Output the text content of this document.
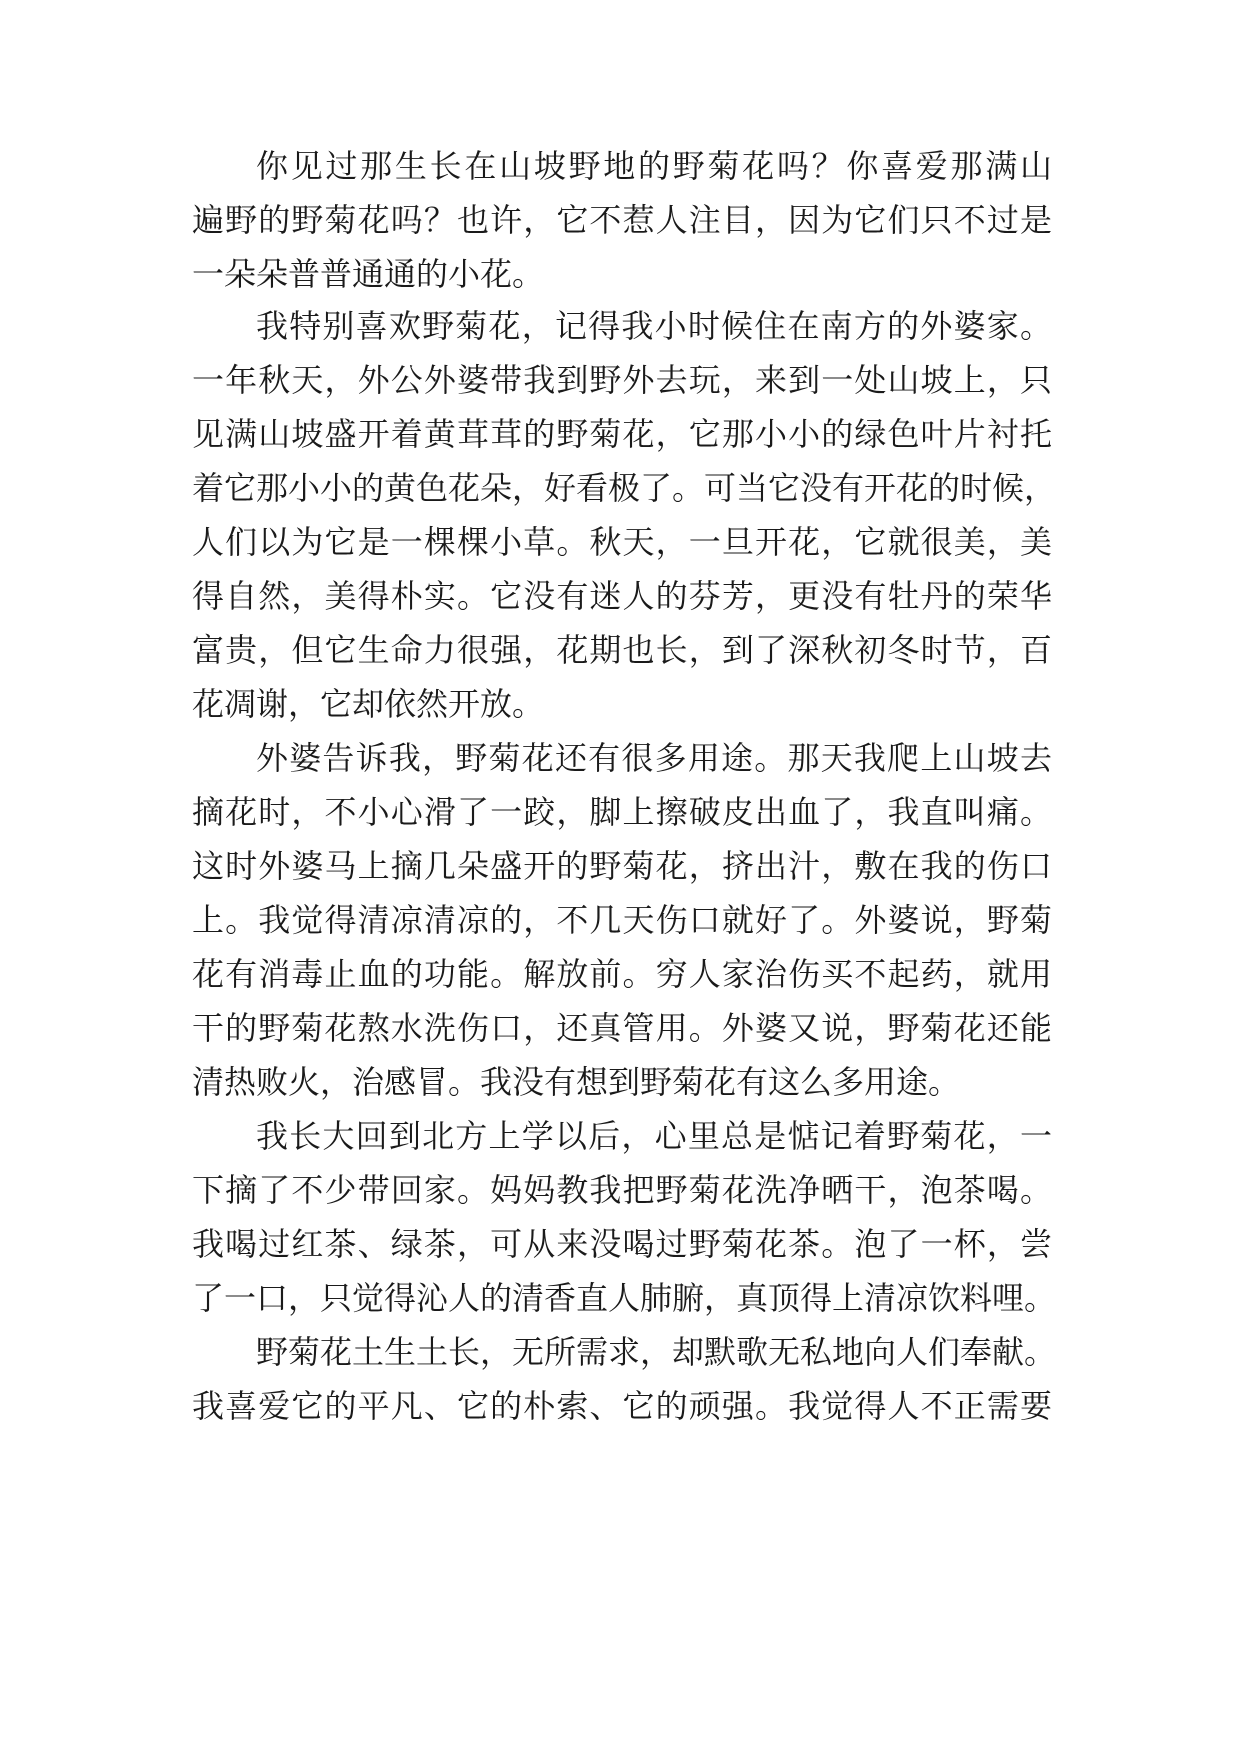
你见过那生长在山坡野地的野菊花吗？你喜爱那满山
遍野的野菊花吗？也许，它不惹人注目，因为它们只不过是
一朵朵普普通通的小花。
我特别喜欢野菊花，记得我小时候住在南方的外婆家。
一年秋天，外公外婆带我到野外去玩，来到一处山坡上，只
见满山坡盛开着黄茸茸的野菊花，它那小小的绿色叶片衬托
着它那小小的黄色花朵，好看极了。可当它没有开花的时候，
人们以为它是一棵棵小草。秋天，一旦开花，它就很美，美
得自然，美得朴实。它没有迷人的芬芳，更没有牡丹的荣华
富贵，但它生命力很强，花期也长，到了深秋初冬时节，百
花凋谢，它却依然开放。
外婆告诉我，野菊花还有很多用途。那天我爬上山坡去
摘花时，不小心滑了一跤，脚上擦破皮出血了，我直叫痛。
这时外婆马上摘几朵盛开的野菊花，挤出汁，敷在我的伤口
上。我觉得清凉清凉的，不几天伤口就好了。外婆说，野菊
花有消毒止血的功能。解放前。穷人家治伤买不起药，就用
干的野菊花熬水洗伤口，还真管用。外婆又说，野菊花还能
清热败火，治感冒。我没有想到野菊花有这么多用途。
我长大回到北方上学以后，心里总是惦记着野菊花，一
下摘了不少带回家。妈妈教我把野菊花洗净晒干，泡茶喝。
我喝过红茶、绿茶，可从来没喝过野菊花茶。泡了一杯，尝
了一口，只觉得沁人的清香直人肺腑，真顶得上清凉饮料哩。
野菊花土生土长，无所需求，却默歌无私地向人们奉献。
我喜爱它的平凡、它的朴索、它的顽强。我觉得人不正需要
